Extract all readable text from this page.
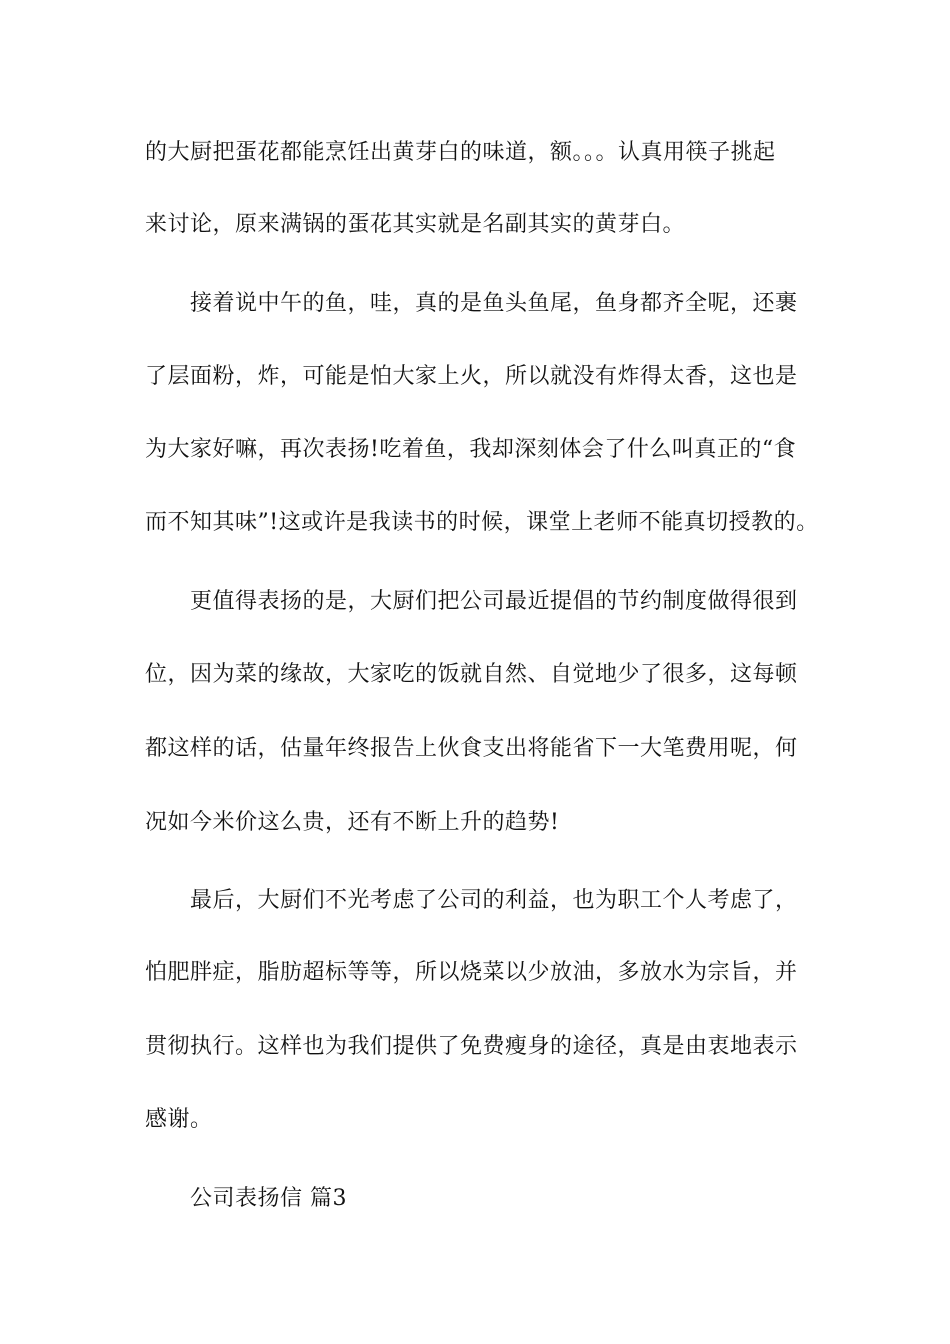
的大厨把蛋花都能烹饪出黄芽白的味道，额。。。认真用筷子挑起
来讨论，原来满锅的蛋花其实就是名副其实的黄芽白。
接着说中午的鱼，哇，真的是鱼头鱼尾，鱼身都齐全呢，还裹
了层面粉，炸，可能是怕大家上火，所以就没有炸得太香，这也是
为大家好嘛，再次表扬!吃着鱼，我却深刻体会了什么叫真正的“食
而不知其味”!这或许是我读书的时候，课堂上老师不能真切授教的。
更值得表扬的是，大厨们把公司最近提倡的节约制度做得很到
位，因为菜的缘故，大家吃的饭就自然、自觉地少了很多，这每顿
都这样的话，估量年终报告上伙食支出将能省下一大笔费用呢，何
况如今米价这么贵，还有不断上升的趋势!
最后，大厨们不光考虑了公司的利益，也为职工个人考虑了，
怕肥胖症，脂肪超标等等，所以烧菜以少放油，多放水为宗旨，并
贯彻执行。这样也为我们提供了免费瘦身的途径，真是由衷地表示
感谢。
公司表扬信 篇3
